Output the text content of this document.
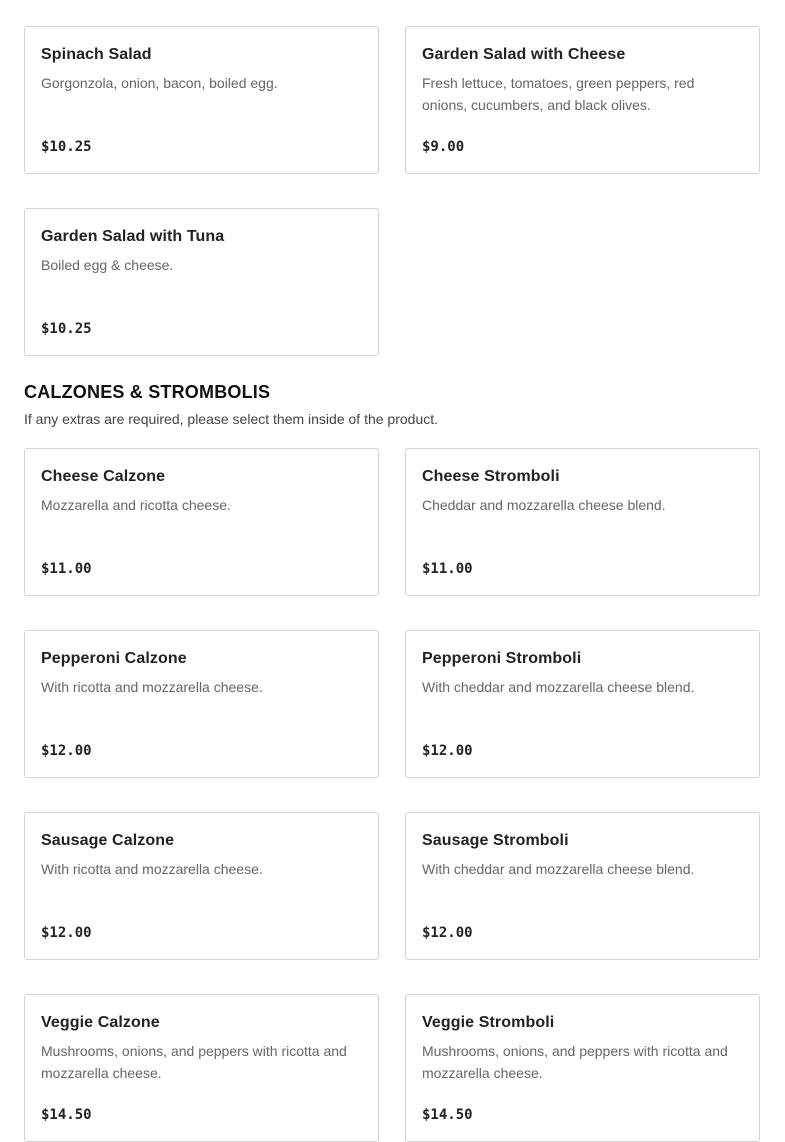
Spinach Salad
Gorgonzola, onion, bacon, boiled egg.
$10.25
Garden Salad with Cheese
Fresh lettuce, tomatoes, green peppers, red onions, cucumbers, and black olives.
$9.00
Garden Salad with Tuna
Boiled egg & cheese.
$10.25
CALZONES & STROMBOLIS
If any extras are required, please select them inside of the product.
Cheese Calzone
Mozzarella and ricotta cheese.
$11.00
Cheese Stromboli
Cheddar and mozzarella cheese blend.
$11.00
Pepperoni Calzone
With ricotta and mozzarella cheese.
$12.00
Pepperoni Stromboli
With cheddar and mozzarella cheese blend.
$12.00
Sausage Calzone
With ricotta and mozzarella cheese.
$12.00
Sausage Stromboli
With cheddar and mozzarella cheese blend.
$12.00
Veggie Calzone
Mushrooms, onions, and peppers with ricotta and mozzarella cheese.
$14.50
Veggie Stromboli
Mushrooms, onions, and peppers with ricotta and mozzarella cheese.
$14.50
